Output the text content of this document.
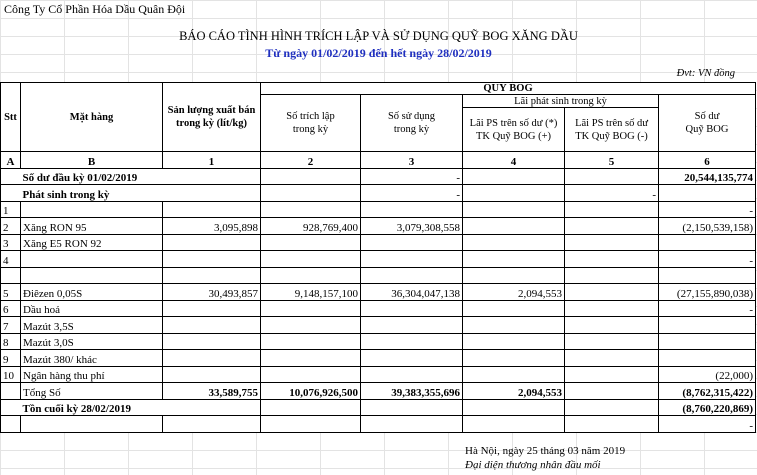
Công Ty Cổ Phần Hóa Dầu Quân Đội
BÁO CÁO TÌNH HÌNH TRÍCH LẬP VÀ SỬ DỤNG QUỸ BOG XĂNG DẦU
Từ ngày 01/02/2019 đến hết ngày 28/02/2019
Đvt: VN đồng
Stt	Mặt hàng	Sản lượng xuất bán trong kỳ (lít/kg)	QUỸ BOG				
			Số trích lập trong kỳ	Số sử dụng trong kỳ	Lãi phát sinh trong kỳ		Số dư Quỹ BOG
					Lãi PS trên số dư (*) TK Quỹ BOG (+)	Lãi PS trên số dư TK Quỹ BOG (-)	
A	B	1	2	3	4	5	6
	Số dư đầu kỳ 01/02/2019			-			20,544,135,774
	Phát sinh trong kỳ			-		-	
1							-
2	Xăng RON 95	3,095,898	928,769,400	3,079,308,558			(2,150,539,158)
3	Xăng E5 RON 92						
4							-

5	Điêzen 0,05S	30,493,857	9,148,157,100	36,304,047,138	2,094,553		(27,155,890,038)
6	Dầu hoả						-
7	Mazút 3,5S						
8	Mazút 3,0S						
9	Mazút 380/ khác						
10	Ngân hàng thu phí						(22,000)
	Tổng Số	33,589,755	10,076,926,500	39,383,355,696	2,094,553		(8,762,315,422)
	Tồn cuối kỳ 28/02/2019						(8,760,220,869)
							-
Hà Nội, ngày 25 tháng 03 năm 2019
Đại diện thương nhân đầu mối
